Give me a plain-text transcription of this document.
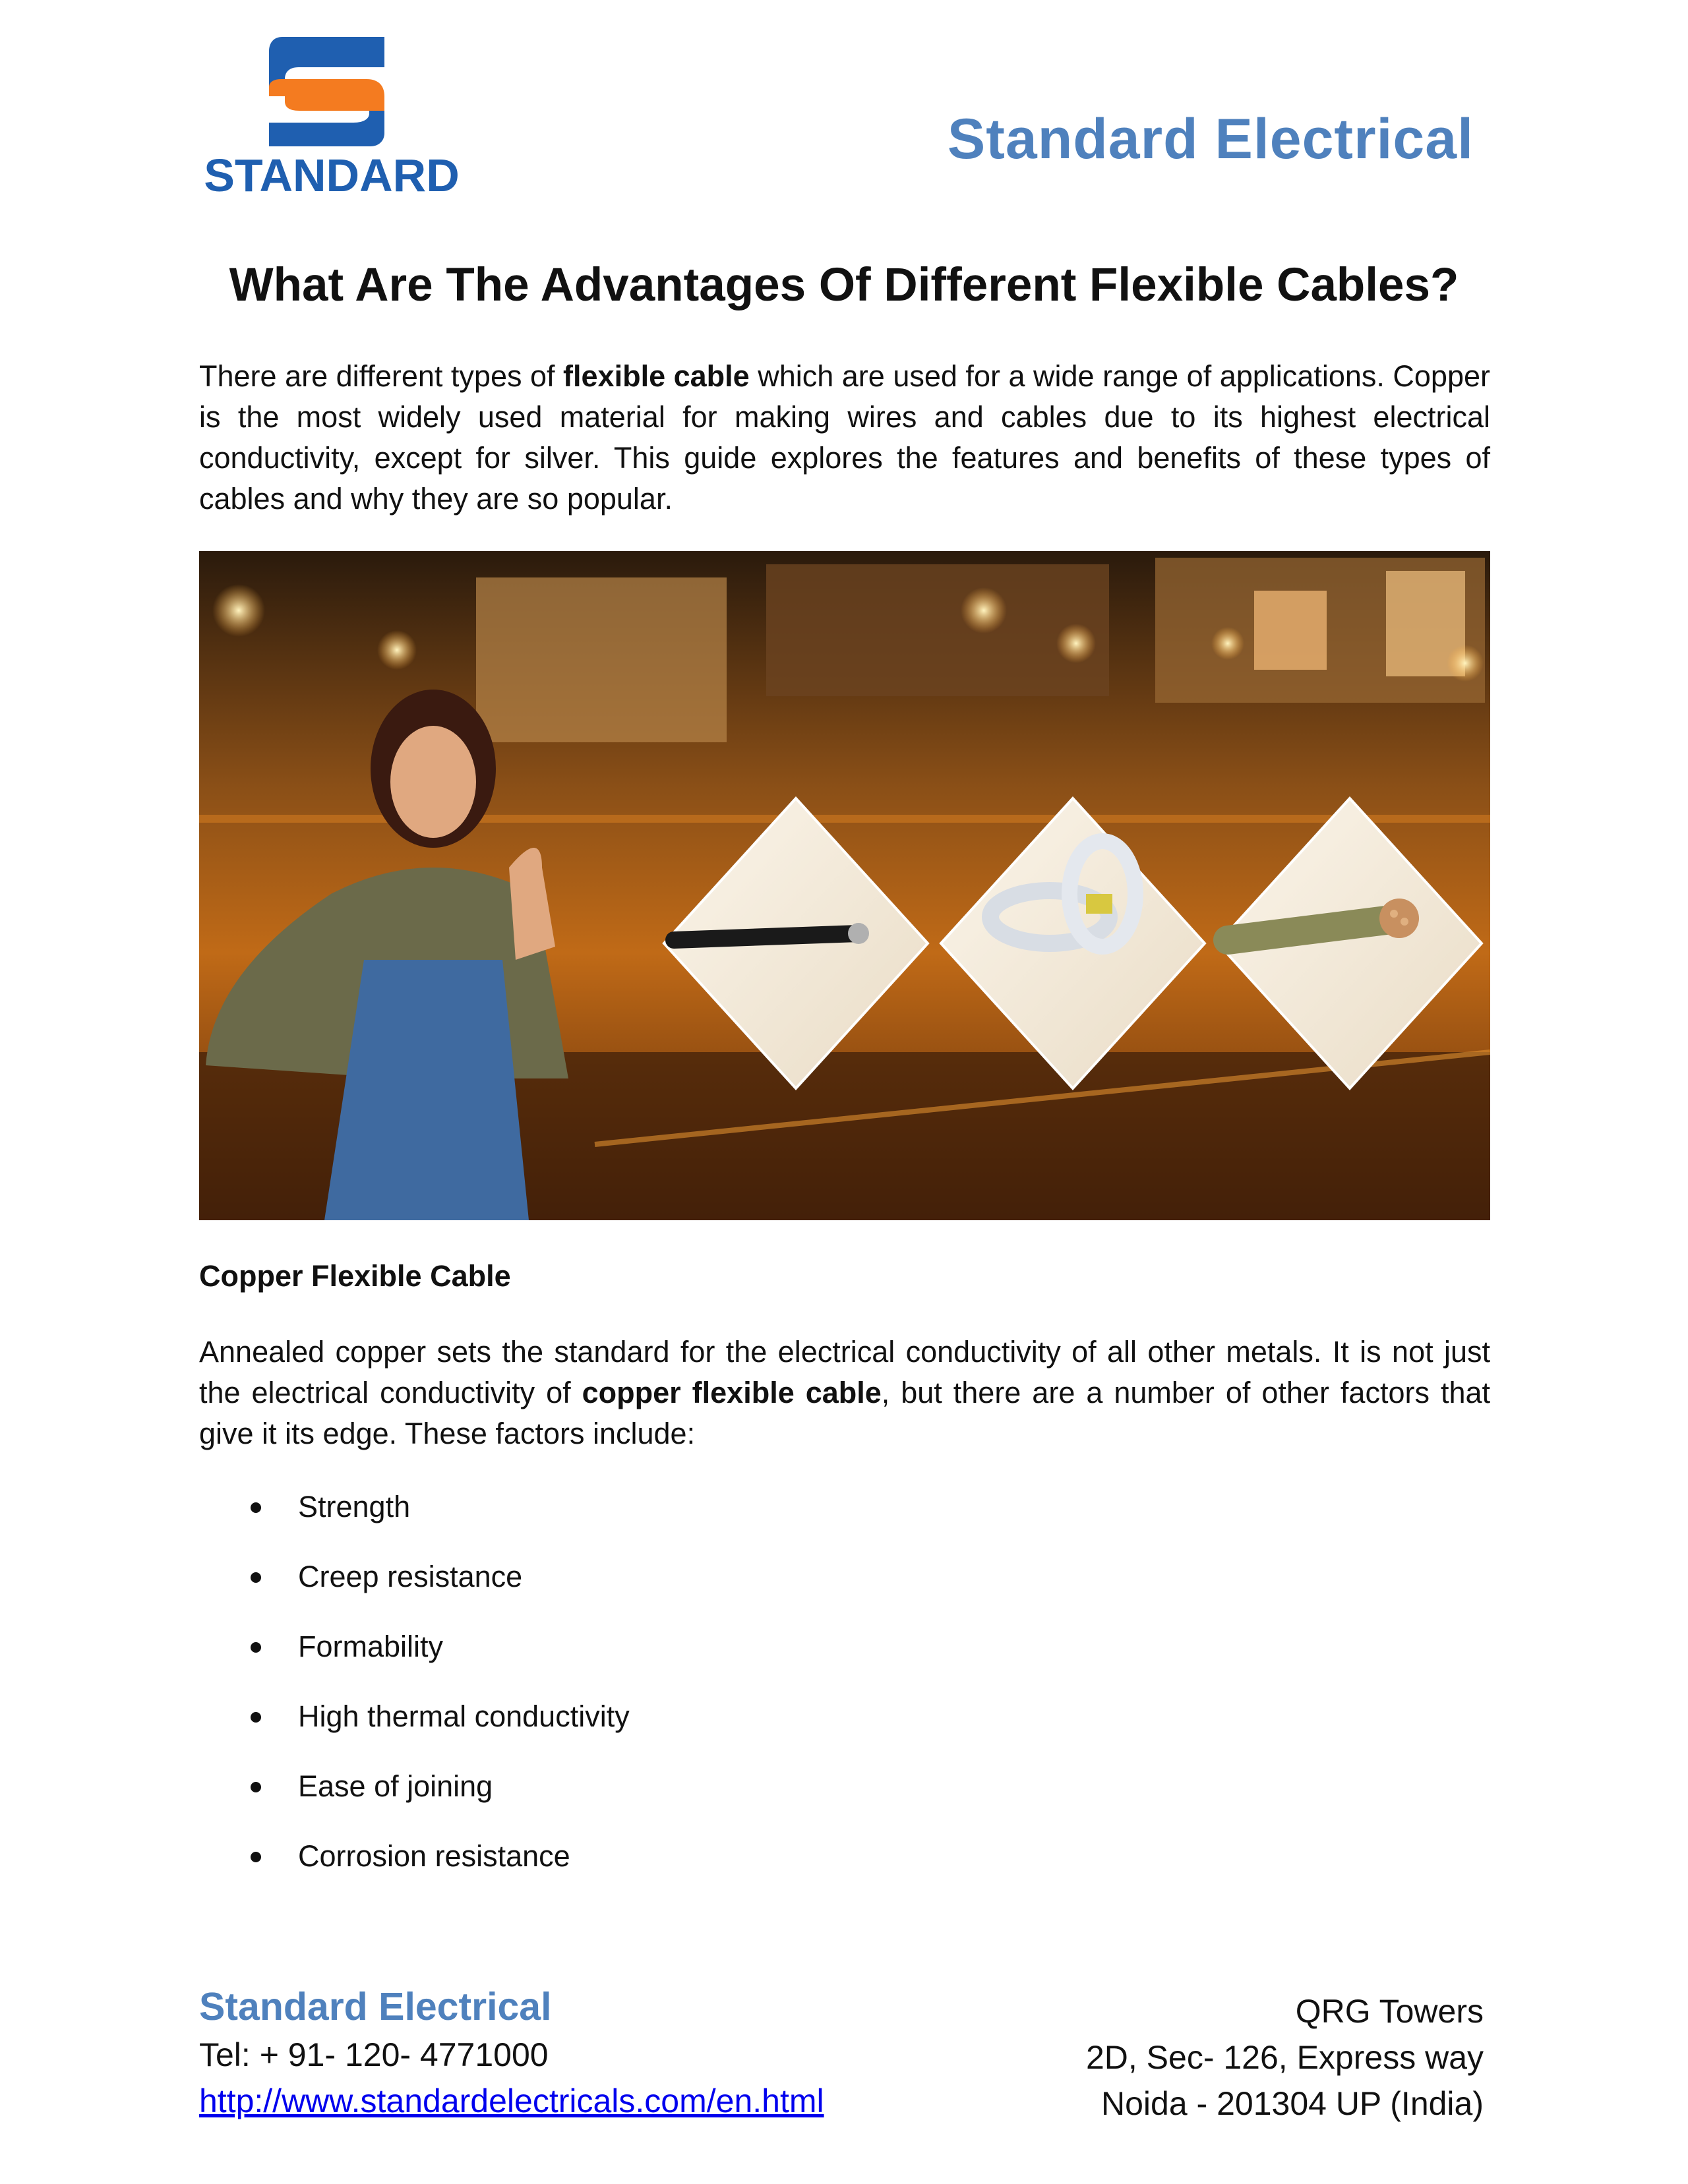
STANDARD
Standard Electrical
What Are The Advantages Of Different Flexible Cables?

There are different types of flexible cable which are used for a wide range of applications. Copper is the most widely used material for making wires and cables due to its highest electrical conductivity, except for silver. This guide explores the features and benefits of these types of cables and why they are so popular.

Copper Flexible Cable

Annealed copper sets the standard for the electrical conductivity of all other metals. It is not just the electrical conductivity of copper flexible cable, but there are a number of other factors that give it its edge. These factors include:

Strength
Creep resistance
Formability
High thermal conductivity
Ease of joining
Corrosion resistance
Standard Electrical
Tel: + 91- 120- 4771000
http://www.standardelectricals.com/en.html
QRG Towers
2D, Sec- 126, Express way
Noida - 201304 UP (India)
